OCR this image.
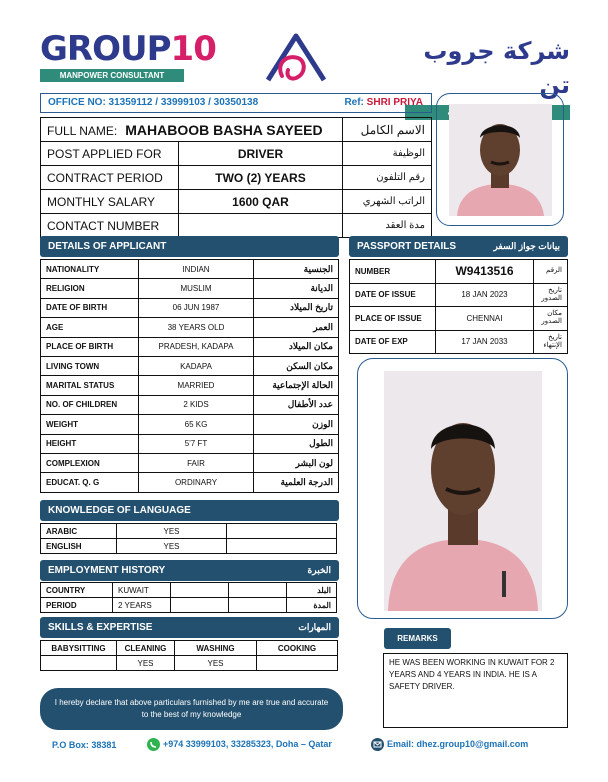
GROUP10
MANPOWER CONSULTANT
شركة جروب تن
OFFICE NO: 31359112 / 33999103 / 30350138	Ref: SHRI PRIYA
FULL NAME: MAHABOOB BASHA SAYEED		الاسم الكامل
POST APPLIED FOR	DRIVER	الوظيفة
CONTRACT PERIOD	TWO (2) YEARS	رقم التلفون
MONTHLY SALARY	1600 QAR	الراتب الشهري
CONTACT NUMBER		مدة العقد
DETAILS OF APPLICANT
NATIONALITY	INDIAN	الجنسية
RELIGION	MUSLIM	الديانة
DATE OF BIRTH	06 JUN 1987	تاريخ الميلاد
AGE	38 YEARS OLD	العمر
PLACE OF BIRTH	PRADESH, KADAPA	مكان الميلاد
LIVING TOWN	KADAPA	مكان السكن
MARITAL STATUS	MARRIED	الحالة الإجتماعية
NO. OF CHILDREN	2 KIDS	عدد الأطفال
WEIGHT	65 KG	الوزن
HEIGHT	5'7 FT	الطول
COMPLEXION	FAIR	لون البشر
EDUCAT. Q. G	ORDINARY	الدرجة العلمية
PASSPORT DETAILS	بيانات جواز السفر
NUMBER	W9413516	الرقم
DATE OF ISSUE	18 JAN 2023	تاريخ الصدور
PLACE OF ISSUE	CHENNAI	مكان الصدور
DATE OF EXP	17 JAN 2033	تاريخ الإنتهاء
KNOWLEDGE OF LANGUAGE
ARABIC	YES	
ENGLISH	YES	
EMPLOYMENT HISTORY	الخبرة
COUNTRY	KUWAIT			البلد
PERIOD	2 YEARS			المدة
SKILLS & EXPERTISE	المهارات
BABYSITTING	CLEANING	WASHING	COOKING
	YES	YES	
REMARKS
HE WAS BEEN WORKING IN KUWAIT FOR 2 YEARS AND 4 YEARS IN INDIA. HE IS A SAFETY DRIVER.
I hereby declare that above particulars furnished by me are true and accurate to the best of my knowledge
P.O Box: 38381	+974 33999103, 33285323, Doha – Qatar	Email: dhez.group10@gmail.com
